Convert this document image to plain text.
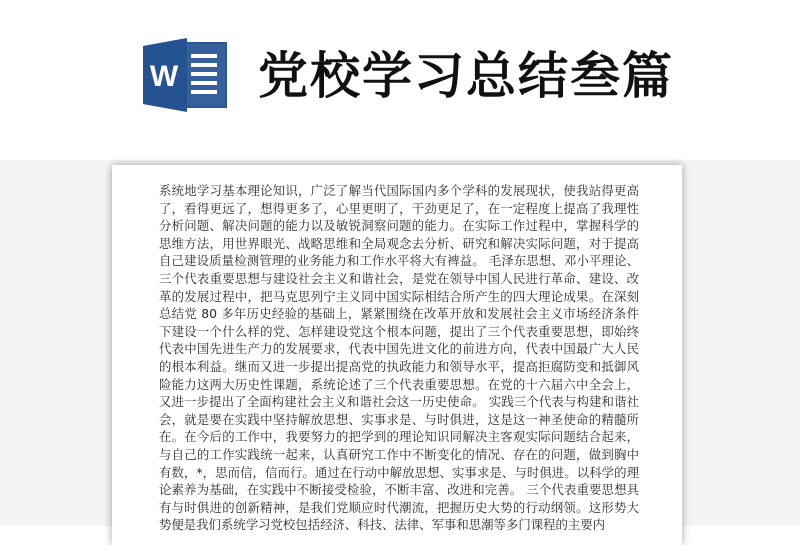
W 党校学习总结叁篇
系统地学习基本理论知识，广泛了解当代国际国内多个学科的发展现状，使我站得更高了，看得更远了，想得更多了，心里更明了，干劲更足了，在一定程度上提高了我理性分析问题、解决问题的能力以及敏锐洞察问题的能力。在实际工作过程中，掌握科学的思维方法，用世界眼光、战略思维和全局观念去分析、研究和解决实际问题，对于提高自己建设质量检测管理的业务能力和工作水平将大有裨益。 毛泽东思想、邓小平理论、三个代表重要思想与建设社会主义和谐社会，是党在领导中国人民进行革命、建设、改革的发展过程中，把马克思列宁主义同中国实际相结合所产生的四大理论成果。在深刻总结党 80 多年历史经验的基础上，紧紧围绕在改革开放和发展社会主义市场经济条件下建设一个什么样的党、怎样建设党这个根本问题，提出了三个代表重要思想，即始终代表中国先进生产力的发展要求，代表中国先进文化的前进方向，代表中国最广大人民的根本利益。继而又进一步提出提高党的执政能力和领导水平，提高拒腐防变和抵御风险能力这两大历史性课题，系统论述了三个代表重要思想。在党的十六届六中全会上，又进一步提出了全面构建社会主义和谐社会这一历史使命。 实践三个代表与构建和谐社会，就是要在实践中坚持解放思想、实事求是、与时俱进，这是这一神圣使命的精髓所在。在今后的工作中，我要努力的把学到的理论知识同解决主客观实际问题结合起来，与自己的工作实践统一起来，认真研究工作中不断变化的情况、存在的问题，做到胸中有数，*，思而信，信而行。通过在行动中解放思想、实事求是、与时俱进。以科学的理论素养为基础，在实践中不断接受检验，不断丰富、改进和完善。 三个代表重要思想具有与时俱进的创新精神，是我们党顺应时代潮流，把握历史大势的行动纲领。这形势大势便是我们系统学习党校包括经济、科技、法律、军事和思潮等多门课程的主要内
